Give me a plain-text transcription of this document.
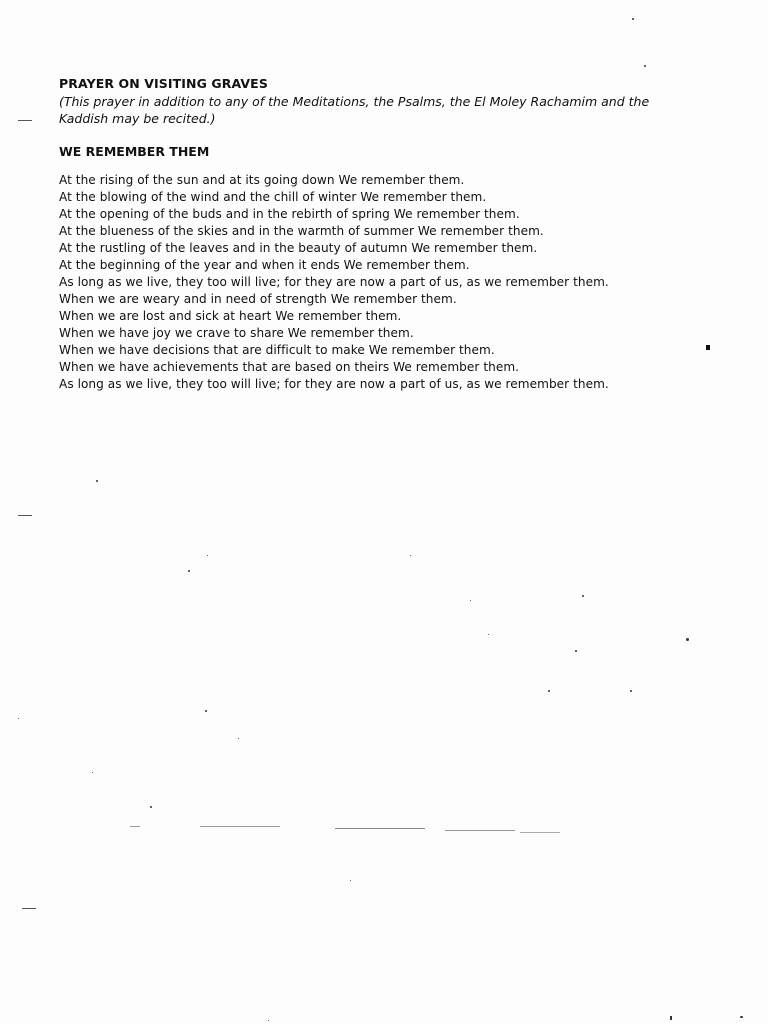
PRAYER ON VISITING GRAVES

(This prayer in addition to any of the Meditations, the Psalms, the El Moley Rachamim and the
Kaddish may be recited.)

WE REMEMBER THEM
At the rising of the sun and at its going down We remember them.
At the blowing of the wind and the chill of winter We remember them.
At the opening of the buds and in the rebirth of spring We remember them.
At the blueness of the skies and in the warmth of summer We remember them.
At the rustling of the leaves and in the beauty of autumn We remember them.
At the beginning of the year and when it ends We remember them.
As long as we live, they too will live; for they are now a part of us, as we remember them.
When we are weary and in need of strength We remember them.
When we are lost and sick at heart We remember them.
When we have joy we crave to share We remember them.
When we have decisions that are difficult to make We remember them.
When we have achievements that are based on theirs We remember them.
As long as we live, they too will live; for they are now a part of us, as we remember them.
